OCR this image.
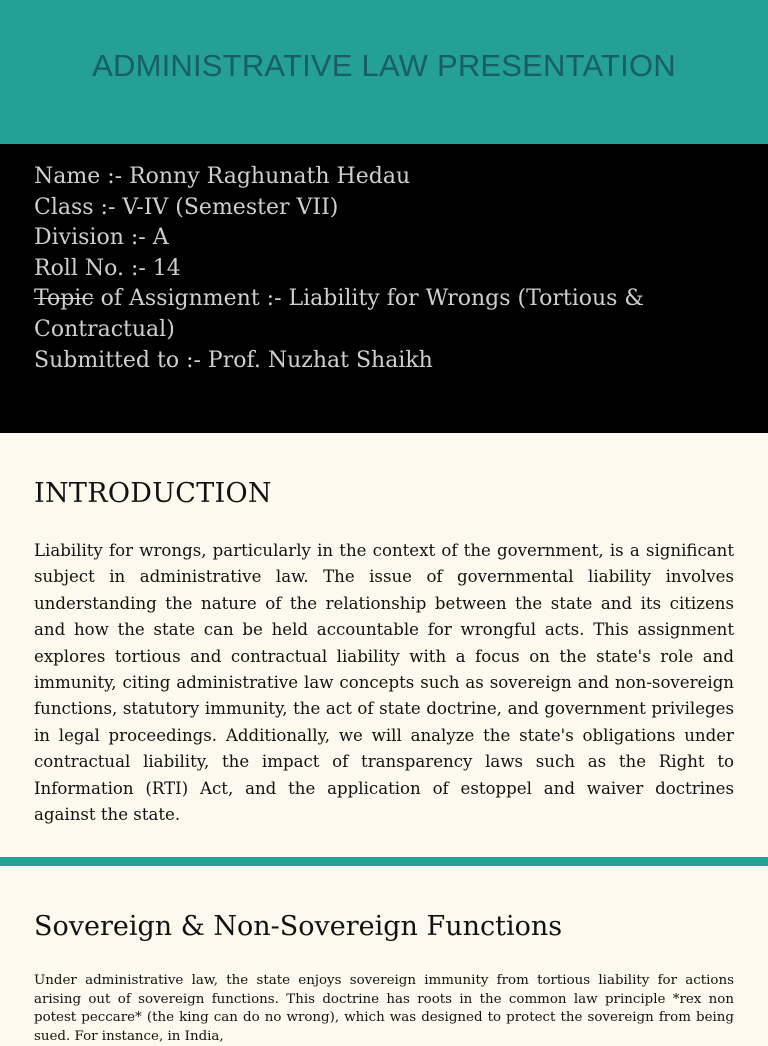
ADMINISTRATIVE LAW PRESENTATION
Name :- Ronny Raghunath Hedau
Class :- V-IV (Semester VII)
Division :- A
Roll No. :- 14
Topic of Assignment :- Liability for Wrongs (Tortious & Contractual)
Submitted to :- Prof. Nuzhat Shaikh
INTRODUCTION
Liability for wrongs, particularly in the context of the government, is a significant subject in administrative law. The issue of governmental liability involves understanding the nature of the relationship between the state and its citizens and how the state can be held accountable for wrongful acts. This assignment explores tortious and contractual liability with a focus on the state's role and immunity, citing administrative law concepts such as sovereign and non-sovereign functions, statutory immunity, the act of state doctrine, and government privileges in legal proceedings. Additionally, we will analyze the state's obligations under contractual liability, the impact of transparency laws such as the Right to Information (RTI) Act, and the application of estoppel and waiver doctrines against the state.
Sovereign & Non-Sovereign Functions
Under administrative law, the state enjoys sovereign immunity from tortious liability for actions arising out of sovereign functions. This doctrine has roots in the common law principle *rex non potest peccare* (the king can do no wrong), which was designed to protect the sovereign from being sued. For instance, in India,
